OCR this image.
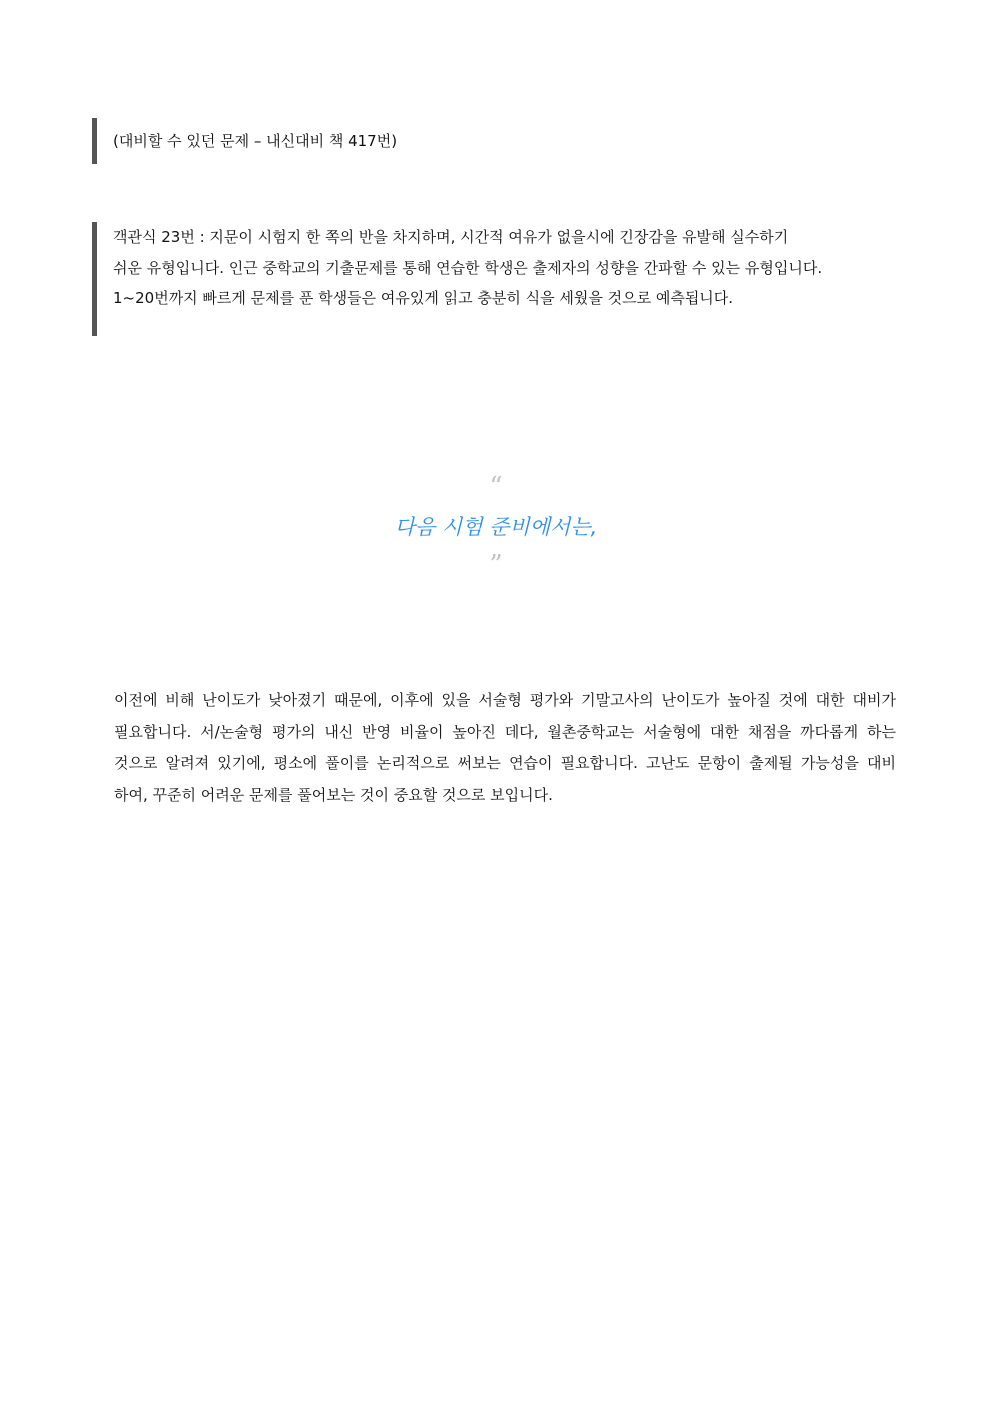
(대비할 수 있던 문제 – 내신대비 책 417번)
객관식 23번 : 지문이 시험지 한 쪽의 반을 차지하며, 시간적 여유가 없을시에 긴장감을 유발해 실수하기
쉬운 유형입니다. 인근 중학교의 기출문제를 통해 연습한 학생은 출제자의 성향을 간파할 수 있는 유형입니다.
1~20번까지 빠르게 문제를 푼 학생들은 여유있게 읽고 충분히 식을 세웠을 것으로 예측됩니다.
“
다음 시험 준비에서는,
”
이전에 비해 난이도가 낮아졌기 때문에, 이후에 있을 서술형 평가와 기말고사의 난이도가 높아질 것에 대한 대비가
필요합니다. 서/논술형 평가의 내신 반영 비율이 높아진 데다, 월촌중학교는 서술형에 대한 채점을 까다롭게 하는
것으로 알려져 있기에, 평소에 풀이를 논리적으로 써보는 연습이 필요합니다. 고난도 문항이 출제될 가능성을 대비
하여, 꾸준히 어려운 문제를 풀어보는 것이 중요할 것으로 보입니다.
